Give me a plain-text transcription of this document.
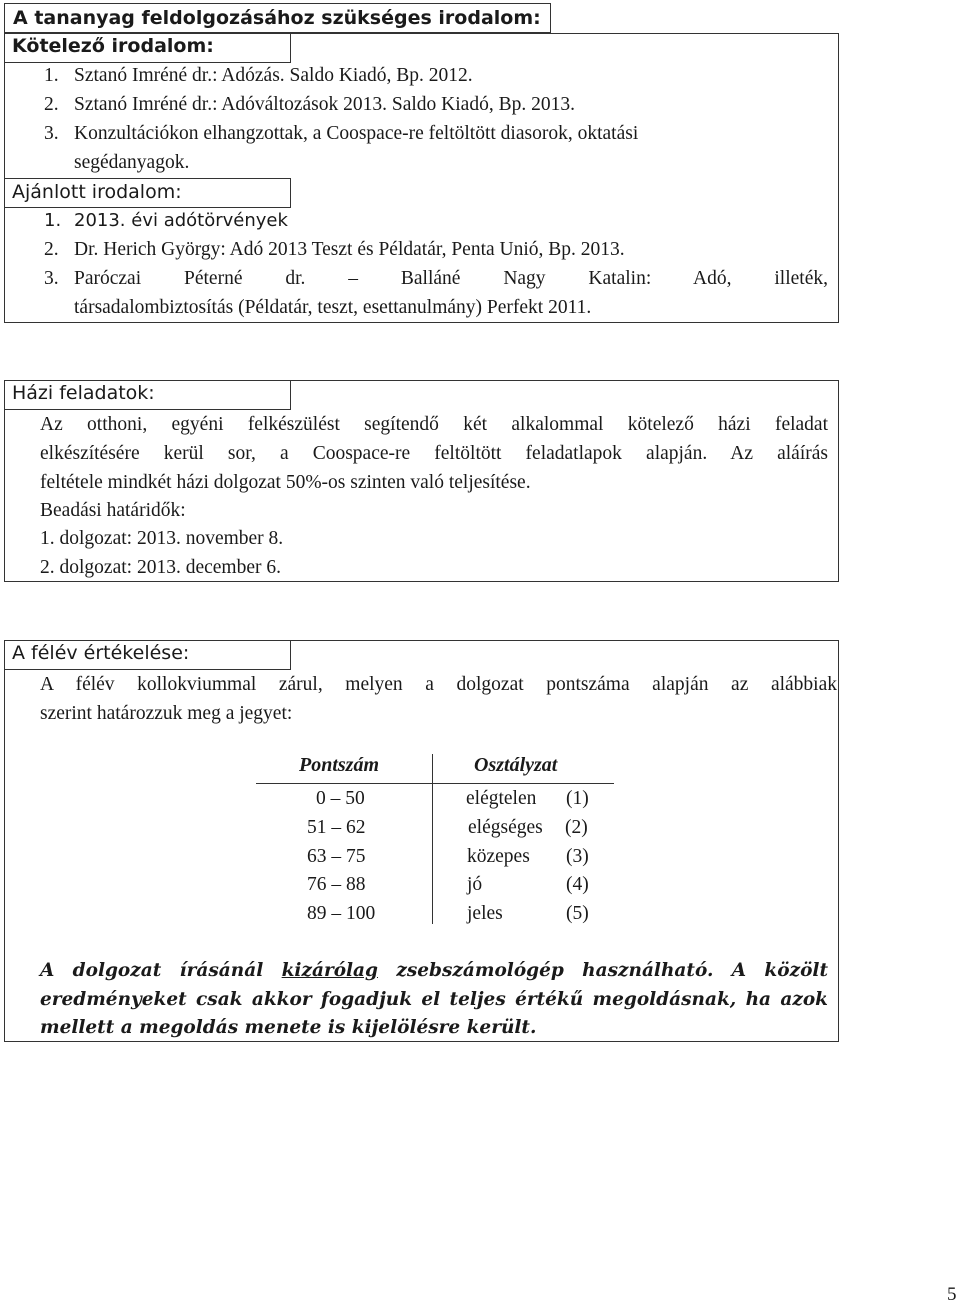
A tananyag feldolgozásához szükséges irodalom:
Kötelező irodalom:
1. Sztanó Imréné dr.: Adózás. Saldo Kiadó, Bp. 2012.
2. Sztanó Imréné dr.: Adóváltozások 2013. Saldo Kiadó, Bp. 2013.
3. Konzultációkon elhangzottak, a Coospace-re feltöltött diasorok, oktatási
segédanyagok.
Ajánlott irodalom:
1. 2013. évi adótörvények
2. Dr. Herich György: Adó 2013 Teszt és Példatár, Penta Unió, Bp. 2013.
3. Paróczai Péterné dr. – Balláné Nagy Katalin: Adó, illeték,
társadalombiztosítás (Példatár, teszt, esettanulmány) Perfekt 2011.
Házi feladatok:
Az otthoni, egyéni felkészülést segítendő két alkalommal kötelező házi feladat
elkészítésére kerül sor, a Coospace-re feltöltött feladatlapok alapján. Az aláírás
feltétele mindkét házi dolgozat 50%-os szinten való teljesítése.
Beadási határidők:
1. dolgozat: 2013. november 8.
2. dolgozat: 2013. december 6.
A félév értékelése:
A félév kollokviummal zárul, melyen a dolgozat pontszáma alapján az alábbiak
szerint határozzuk meg a jegyet:
Pontszám	Osztályzat
0 – 50	elégtelen (1)
51 – 62	elégséges (2)
63 – 75	közepes (3)
76 – 88	jó	(4)
89 – 100	jeles	(5)
A dolgozat írásánál kizárólag zsebszámológép használható. A közölt
eredményeket csak akkor fogadjuk el teljes értékű megoldásnak, ha azok
mellett a megoldás menete is kijelölésre került.
5
